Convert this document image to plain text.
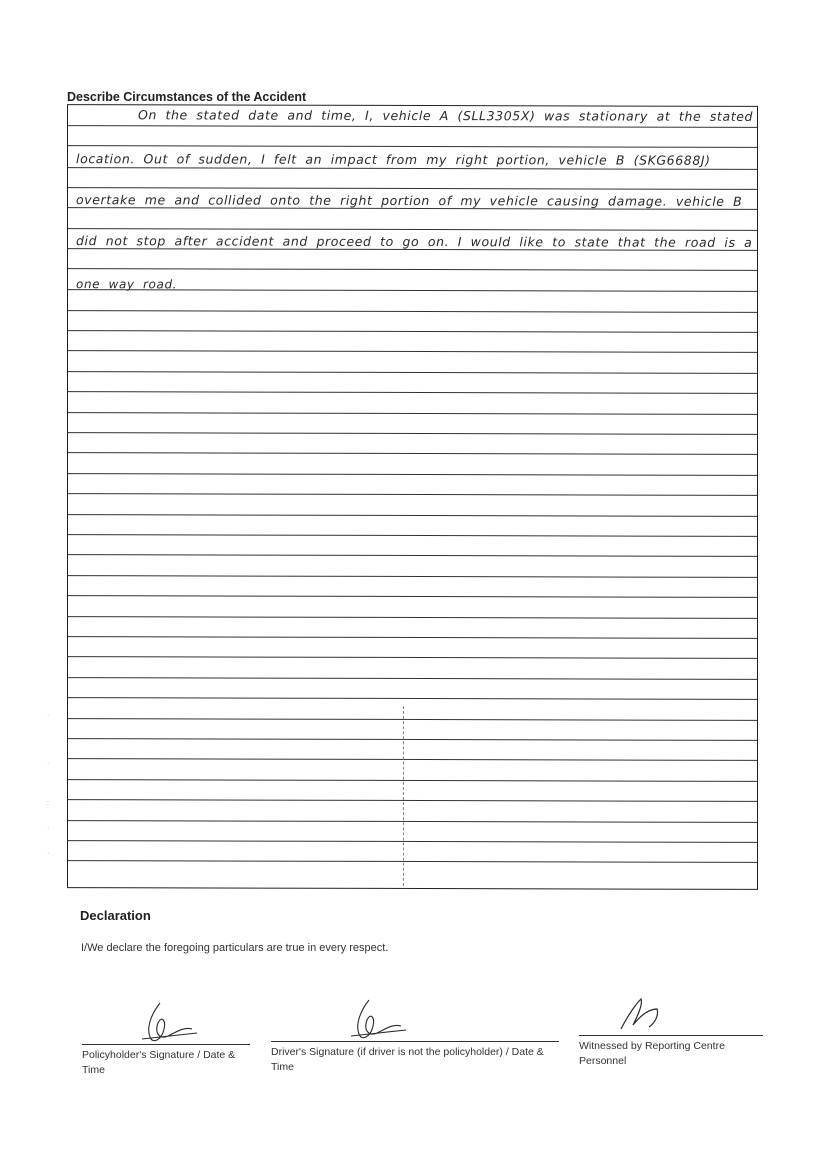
Describe Circumstances of the Accident
On the stated date and time, I, vehicle A (SLL3305X) was stationary at the stated
location. Out of sudden, I felt an impact from my right portion, vehicle B (SKG6688J)
overtake me and collided onto the right portion of my vehicle causing damage. vehicle B
did not stop after accident and proceed to go on. I would like to state that the road is a
one way road.
·
·
:
·
·
Declaration
I/We declare the foregoing particulars are true in every respect.
Policyholder's Signature / Date & Time
Driver's Signature (if driver is not the policyholder) / Date & Time
Witnessed by Reporting Centre Personnel
